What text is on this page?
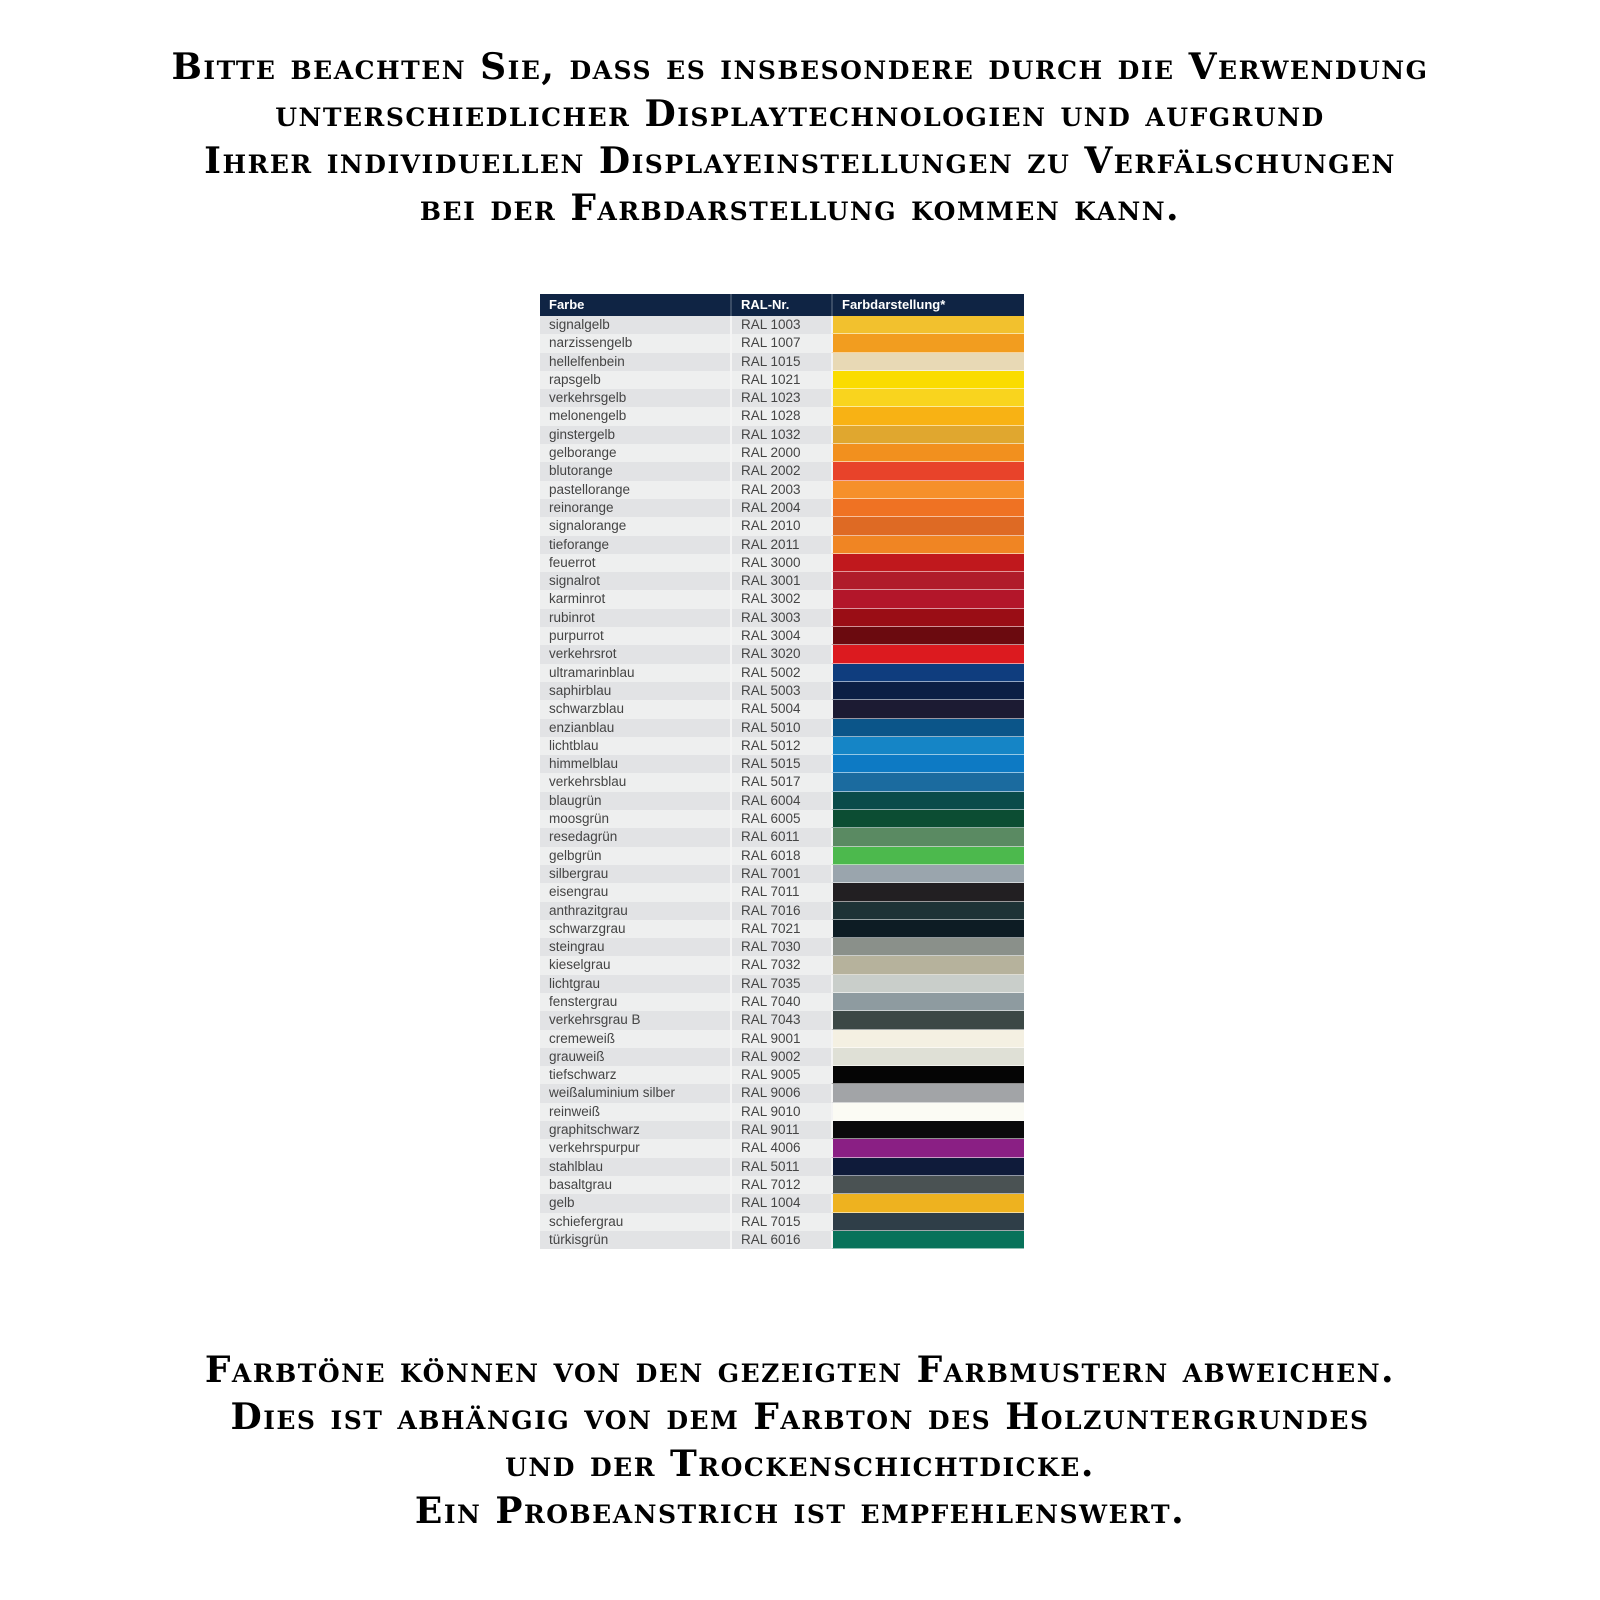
Bitte beachten Sie, dass es insbesondere durch die Verwendung
unterschiedlicher Displaytechnologien und aufgrund
Ihrer individuellen Displayeinstellungen zu Verfälschungen
bei der Farbdarstellung kommen kann.
Farbe	RAL-Nr.	Farbdarstellung*
signalgelb	RAL 1003
narzissengelb	RAL 1007
hellelfenbein	RAL 1015
rapsgelb	RAL 1021
verkehrsgelb	RAL 1023
melonengelb	RAL 1028
ginstergelb	RAL 1032
gelborange	RAL 2000
blutorange	RAL 2002
pastellorange	RAL 2003
reinorange	RAL 2004
signalorange	RAL 2010
tieforange	RAL 2011
feuerrot	RAL 3000
signalrot	RAL 3001
karminrot	RAL 3002
rubinrot	RAL 3003
purpurrot	RAL 3004
verkehrsrot	RAL 3020
ultramarinblau	RAL 5002
saphirblau	RAL 5003
schwarzblau	RAL 5004
enzianblau	RAL 5010
lichtblau	RAL 5012
himmelblau	RAL 5015
verkehrsblau	RAL 5017
blaugrün	RAL 6004
moosgrün	RAL 6005
resedagrün	RAL 6011
gelbgrün	RAL 6018
silbergrau	RAL 7001
eisengrau	RAL 7011
anthrazitgrau	RAL 7016
schwarzgrau	RAL 7021
steingrau	RAL 7030
kieselgrau	RAL 7032
lichtgrau	RAL 7035
fenstergrau	RAL 7040
verkehrsgrau B	RAL 7043
cremeweiß	RAL 9001
grauweiß	RAL 9002
tiefschwarz	RAL 9005
weißaluminium silber	RAL 9006
reinweiß	RAL 9010
graphitschwarz	RAL 9011
verkehrspurpur	RAL 4006
stahlblau	RAL 5011
basaltgrau	RAL 7012
gelb	RAL 1004
schiefergrau	RAL 7015
türkisgrün	RAL 6016
Farbtöne können von den gezeigten Farbmustern abweichen.
Dies ist abhängig von dem Farbton des Holzuntergrundes
und der Trockenschichtdicke.
Ein Probeanstrich ist empfehlenswert.
